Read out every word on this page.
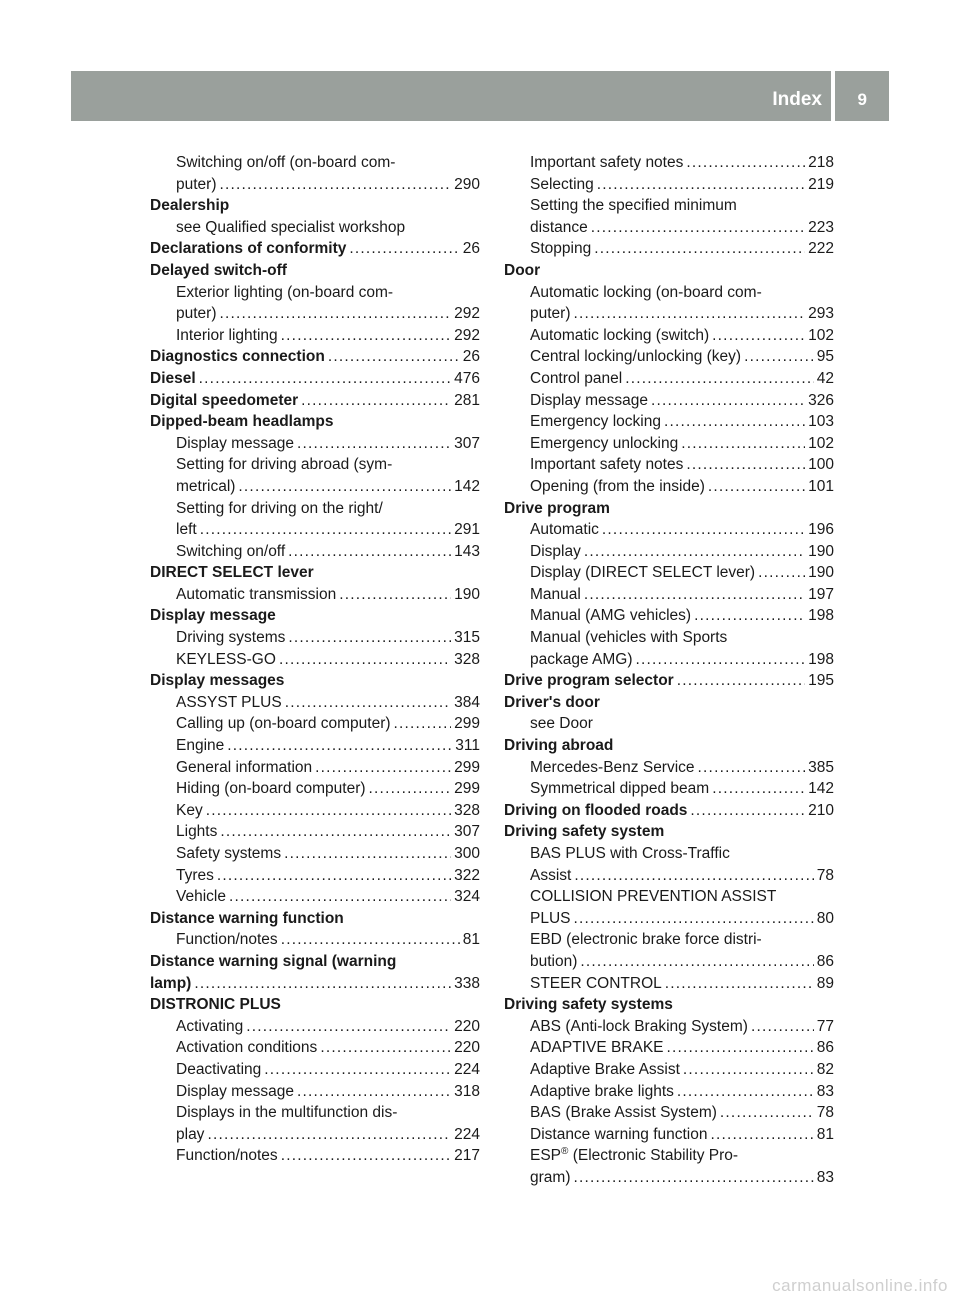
Index 9
Switching on/off (on-board com-
puter) .....	290
Dealership
see Qualified specialist workshop
Declarations of conformity .....	26
Delayed switch-off
Exterior lighting (on-board com-
puter) .....	292
Interior lighting .....	292
Diagnostics connection .....	26
Diesel .....	476
Digital speedometer .....	281
Dipped-beam headlamps
Display message .....	307
Setting for driving abroad (sym-
metrical) .....	142
Setting for driving on the right/
left .....	291
Switching on/off .....	143
DIRECT SELECT lever
Automatic transmission .....	190
Display message
Driving systems .....	315
KEYLESS-GO .....	328
Display messages
ASSYST PLUS .....	384
Calling up (on-board computer) .....	299
Engine .....	311
General information .....	299
Hiding (on-board computer) .....	299
Key .....	328
Lights .....	307
Safety systems .....	300
Tyres .....	322
Vehicle .....	324
Distance warning function
Function/notes .....	81
Distance warning signal (warning
lamp) .....	338
DISTRONIC PLUS
Activating .....	220
Activation conditions .....	220
Deactivating .....	224
Display message .....	318
Displays in the multifunction dis-
play .....	224
Function/notes .....	217
Important safety notes .....	218
Selecting .....	219
Setting the specified minimum
distance .....	223
Stopping .....	222
Door
Automatic locking (on-board com-
puter) .....	293
Automatic locking (switch) .....	102
Central locking/unlocking (key) .....	95
Control panel .....	42
Display message .....	326
Emergency locking .....	103
Emergency unlocking .....	102
Important safety notes .....	100
Opening (from the inside) .....	101
Drive program
Automatic .....	196
Display .....	190
Display (DIRECT SELECT lever) .....	190
Manual .....	197
Manual (AMG vehicles) .....	198
Manual (vehicles with Sports
package AMG) .....	198
Drive program selector .....	195
Driver's door
see Door
Driving abroad
Mercedes-Benz Service .....	385
Symmetrical dipped beam .....	142
Driving on flooded roads .....	210
Driving safety system
BAS PLUS with Cross-Traffic
Assist .....	78
COLLISION PREVENTION ASSIST
PLUS .....	80
EBD (electronic brake force distri-
bution) .....	86
STEER CONTROL .....	89
Driving safety systems
ABS (Anti-lock Braking System) .....	77
ADAPTIVE BRAKE .....	86
Adaptive Brake Assist .....	82
Adaptive brake lights .....	83
BAS (Brake Assist System) .....	78
Distance warning function .....	81
ESP® (Electronic Stability Pro-
gram) .....	83
carmanualsonline.info
